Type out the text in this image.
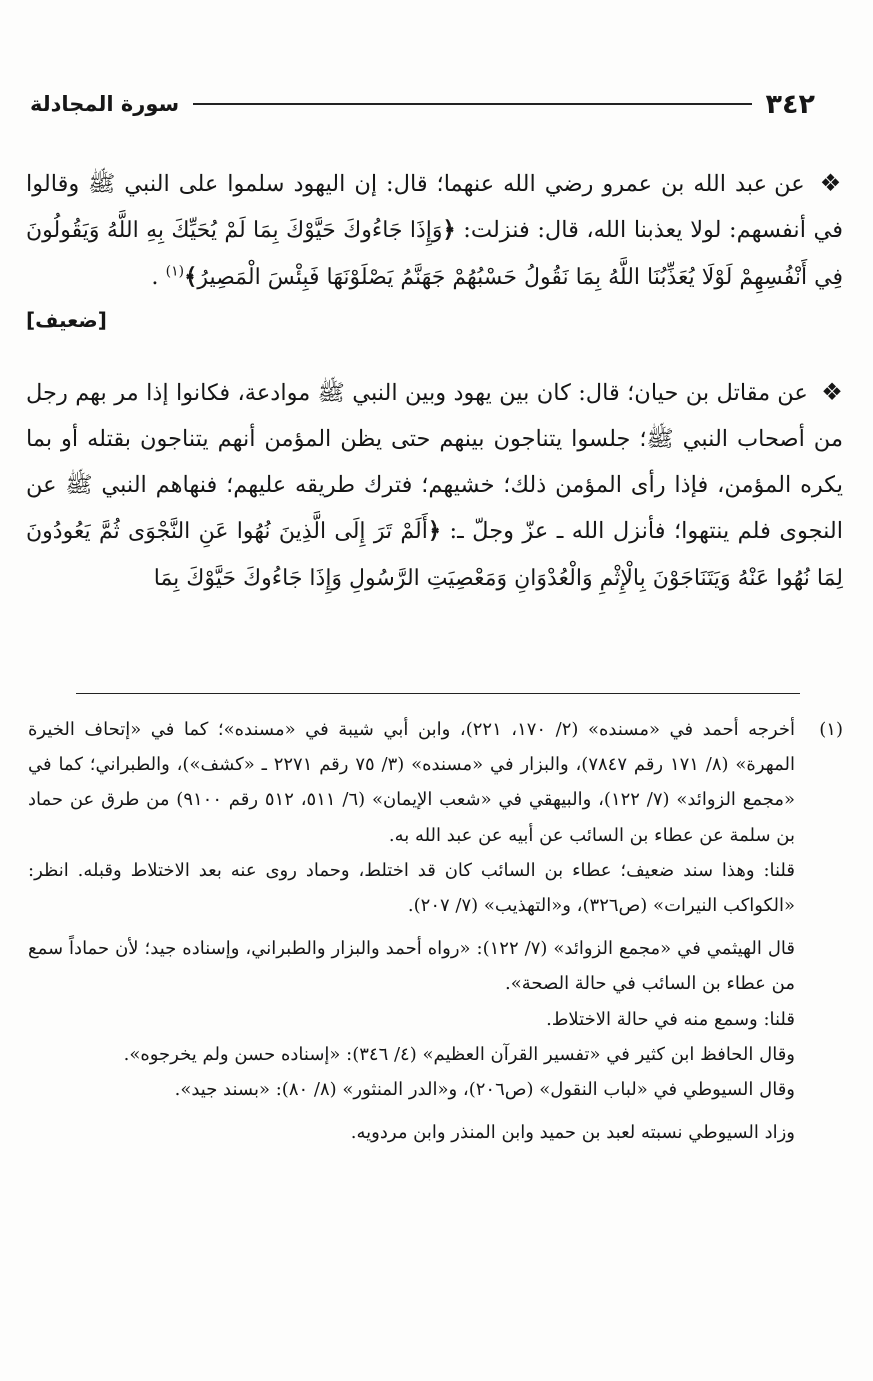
٣٤٢
سورة المجادلة

❖ عن عبد الله بن عمرو رضي الله عنهما؛ قال: إن اليهود سلموا على النبي ﷺ وقالوا في أنفسهم: لولا يعذبنا الله، قال: فنزلت: ﴿وَإِذَا جَاءُوكَ حَيَّوْكَ بِمَا لَمْ يُحَيِّكَ بِهِ اللَّهُ وَيَقُولُونَ فِي أَنْفُسِهِمْ لَوْلَا يُعَذِّبُنَا اللَّهُ بِمَا نَقُولُ حَسْبُهُمْ جَهَنَّمُ يَصْلَوْنَهَا فَبِئْسَ الْمَصِيرُ﴾$^{(١)}$ .

[ضعيف]

❖ عن مقاتل بن حيان؛ قال: كان بين يهود وبين النبي ﷺ موادعة، فكانوا إذا مر بهم رجل من أصحاب النبي ﷺ؛ جلسوا يتناجون بينهم حتى يظن المؤمن أنهم يتناجون بقتله أو بما يكره المؤمن، فإذا رأى المؤمن ذلك؛ خشيهم؛ فترك طريقه عليهم؛ فنهاهم النبي ﷺ عن النجوى فلم ينتهوا؛ فأنزل الله ـ عزّ وجلّ ـ: ﴿أَلَمْ تَرَ إِلَى الَّذِينَ نُهُوا عَنِ النَّجْوَى ثُمَّ يَعُودُونَ لِمَا نُهُوا عَنْهُ وَيَتَنَاجَوْنَ بِالْإِثْمِ وَالْعُدْوَانِ وَمَعْصِيَتِ الرَّسُولِ وَإِذَا جَاءُوكَ حَيَّوْكَ بِمَا

(١)

أخرجه أحمد في «مسنده» (٢/ ١٧٠، ٢٢١)، وابن أبي شيبة في «مسنده»؛ كما في «إتحاف الخيرة المهرة» (٨/ ١٧١ رقم ٧٨٤٧)، والبزار في «مسنده» (٣/ ٧٥ رقم ٢٢٧١ ـ «كشف»)، والطبراني؛ كما في «مجمع الزوائد» (٧/ ١٢٢)، والبيهقي في «شعب الإيمان» (٦/ ٥١١، ٥١٢ رقم ٩١٠٠) من طرق عن حماد بن سلمة عن عطاء بن السائب عن أبيه عن عبد الله به.

قلنا: وهذا سند ضعيف؛ عطاء بن السائب كان قد اختلط، وحماد روى عنه بعد الاختلاط وقبله. انظر: «الكواكب النيرات» (ص٣٢٦)، و«التهذيب» (٧/ ٢٠٧).

قال الهيثمي في «مجمع الزوائد» (٧/ ١٢٢): «رواه أحمد والبزار والطبراني، وإسناده جيد؛ لأن حماداً سمع من عطاء بن السائب في حالة الصحة».

قلنا: وسمع منه في حالة الاختلاط.

وقال الحافظ ابن كثير في «تفسير القرآن العظيم» (٤/ ٣٤٦): «إسناده حسن ولم يخرجوه».

وقال السيوطي في «لباب النقول» (ص٢٠٦)، و«الدر المنثور» (٨/ ٨٠): «بسند جيد».

وزاد السيوطي نسبته لعبد بن حميد وابن المنذر وابن مردويه.
